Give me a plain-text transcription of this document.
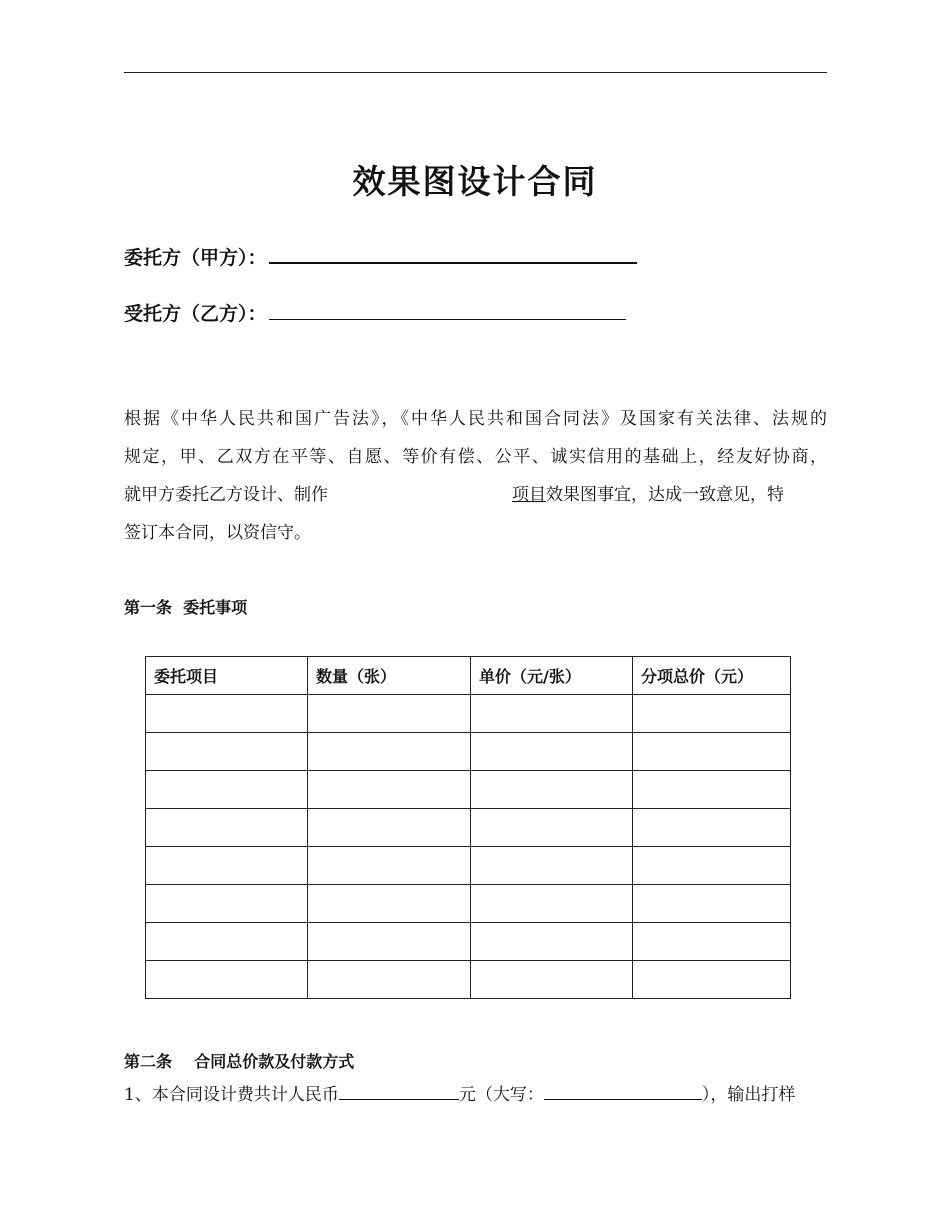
效果图设计合同
委托方（甲方）：
受托方（乙方）：
根据《中华人民共和国广告法》，《中华人民共和国合同法》及国家有关法律、法规的
规定，甲、乙双方在平等、自愿、等价有偿、公平、诚实信用的基础上，经友好协商，
就甲方委托乙方设计、制作	项目效果图事宜，达成一致意见，特
签订本合同，以资信守。
第一条  委托事项
委托项目	数量（张）	单价（元/张）	分项总价（元）

第二条    合同总价款及付款方式
1、本合同设计费共计人民币	元（大写：	），输出打样
